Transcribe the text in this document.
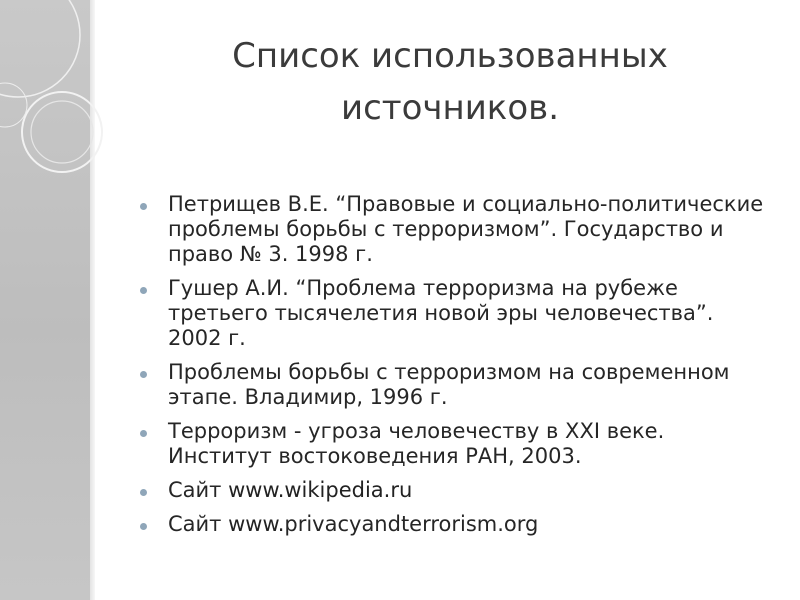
Список использованных
источников.
Петрищев В.Е. “Правовые и социально-политические проблемы борьбы с терроризмом”. Государство и право № 3. 1998 г.
Гушер А.И. “Проблема терроризма на рубеже третьего тысячелетия новой эры человечества”. 2002 г.
Проблемы борьбы с терроризмом на современном этапе. Владимир, 1996 г.
Терроризм - угроза человечеству в XXI веке. Институт востоковедения РАН, 2003.
Сайт www.wikipedia.ru
Сайт www.privacyandterrorism.org
